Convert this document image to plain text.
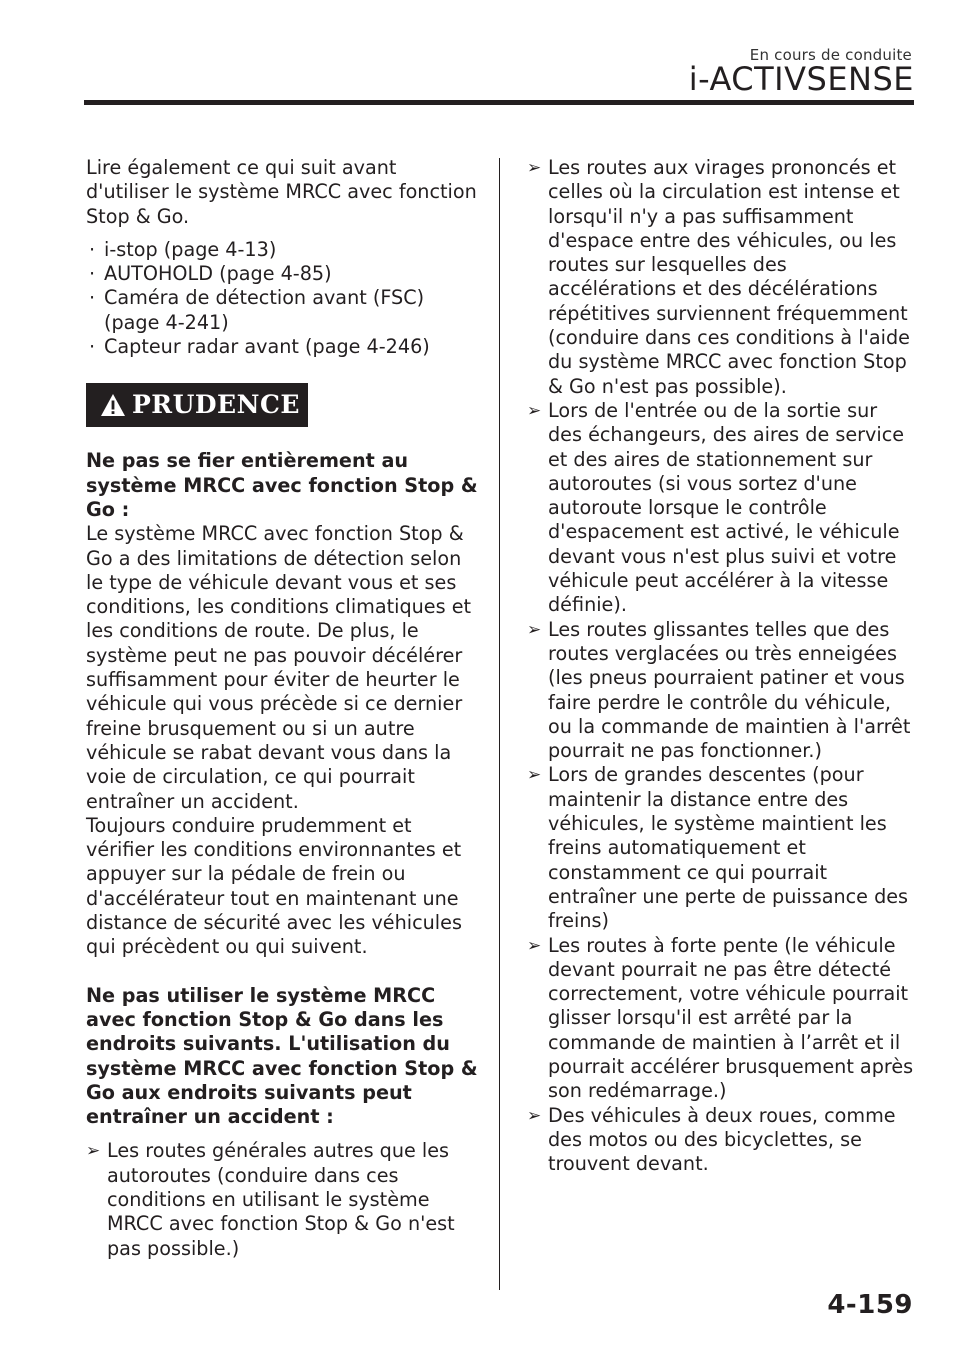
En cours de conduite
i-ACTIVSENSE

Lire également ce qui suit avant d'utiliser le système MRCC avec fonction Stop & Go.

· i-stop (page 4-13)
· AUTOHOLD (page 4-85)
· Caméra de détection avant (FSC) (page 4-241)
· Capteur radar avant (page 4-246)
PRUDENCE

Ne pas se fier entièrement au système MRCC avec fonction Stop & Go :

Le système MRCC avec fonction Stop & Go a des limitations de détection selon le type de véhicule devant vous et ses conditions, les conditions climatiques et les conditions de route. De plus, le système peut ne pas pouvoir décélérer suffisamment pour éviter de heurter le véhicule qui vous précède si ce dernier freine brusquement ou si un autre véhicule se rabat devant vous dans la voie de circulation, ce qui pourrait entraîner un accident.

Toujours conduire prudemment et vérifier les conditions environnantes et appuyer sur la pédale de frein ou d'accélérateur tout en maintenant une distance de sécurité avec les véhicules qui précèdent ou qui suivent.

Ne pas utiliser le système MRCC avec fonction Stop & Go dans les endroits suivants. L'utilisation du système MRCC avec fonction Stop & Go aux endroits suivants peut entraîner un accident :

➢ Les routes générales autres que les autoroutes (conduire dans ces conditions en utilisant le système MRCC avec fonction Stop & Go n'est pas possible.)
➢ Les routes aux virages prononcés et celles où la circulation est intense et lorsqu'il n'y a pas suffisamment d'espace entre des véhicules, ou les routes sur lesquelles des accélérations et des décélérations répétitives surviennent fréquemment (conduire dans ces conditions à l'aide du système MRCC avec fonction Stop & Go n'est pas possible).
➢ Lors de l'entrée ou de la sortie sur des échangeurs, des aires de service et des aires de stationnement sur autoroutes (si vous sortez d'une autoroute lorsque le contrôle d'espacement est activé, le véhicule devant vous n'est plus suivi et votre véhicule peut accélérer à la vitesse définie).
➢ Les routes glissantes telles que des routes verglacées ou très enneigées (les pneus pourraient patiner et vous faire perdre le contrôle du véhicule, ou la commande de maintien à l'arrêt pourrait ne pas fonctionner.)
➢ Lors de grandes descentes (pour maintenir la distance entre des véhicules, le système maintient les freins automatiquement et constamment ce qui pourrait entraîner une perte de puissance des freins)
➢ Les routes à forte pente (le véhicule devant pourrait ne pas être détecté correctement, votre véhicule pourrait glisser lorsqu'il est arrêté par la commande de maintien à l’arrêt et il pourrait accélérer brusquement après son redémarrage.)
➢ Des véhicules à deux roues, comme des motos ou des bicyclettes, se trouvent devant.
4-159
